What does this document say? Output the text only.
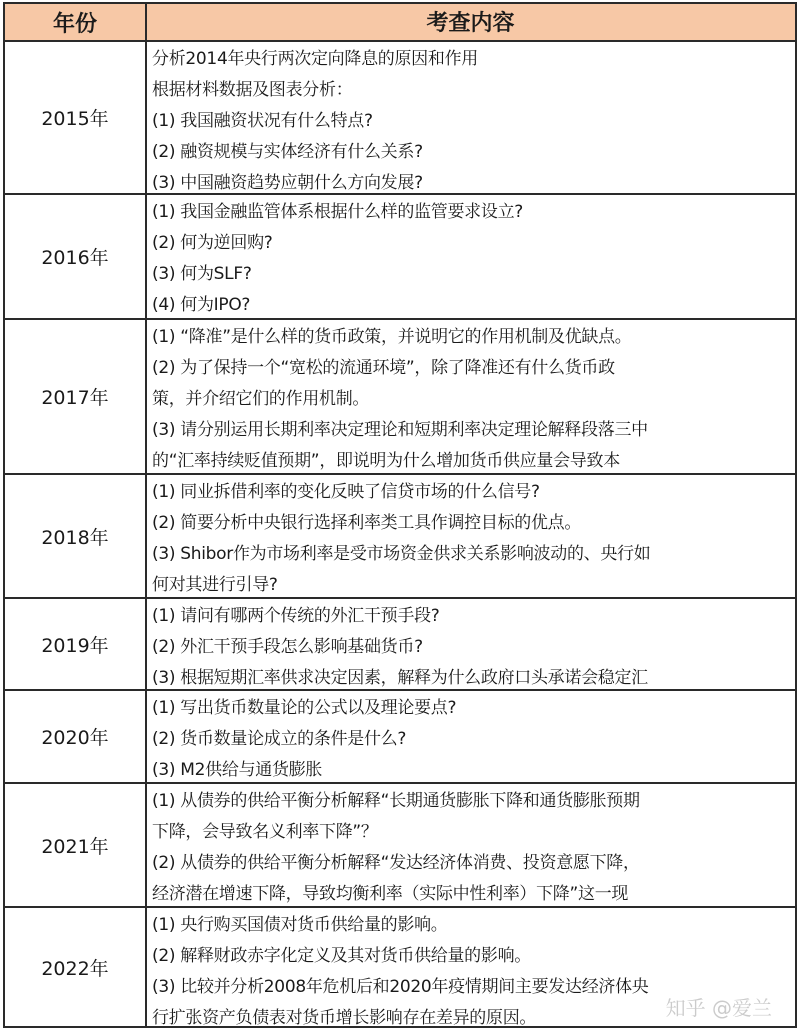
年份	考查内容
2015年
分析2014年央行两次定向降息的原因和作用
根据材料数据及图表分析：
(1) 我国融资状况有什么特点?
(2) 融资规模与实体经济有什么关系?
(3) 中国融资趋势应朝什么方向发展?
2016年
(1) 我国金融监管体系根据什么样的监管要求设立?
(2) 何为逆回购?
(3) 何为SLF?
(4) 何为IPO?
2017年
(1) “降准”是什么样的货币政策，并说明它的作用机制及优缺点。
(2) 为了保持一个“宽松的流通环境”，除了降准还有什么货币政
策，并介绍它们的作用机制。
(3) 请分别运用长期利率决定理论和短期利率决定理论解释段落三中
的“汇率持续贬值预期”，即说明为什么增加货币供应量会导致本
2018年
(1) 同业拆借利率的变化反映了信贷市场的什么信号?
(2) 简要分析中央银行选择利率类工具作调控目标的优点。
(3) Shibor作为市场利率是受市场资金供求关系影响波动的、央行如
何对其进行引导?
2019年
(1) 请问有哪两个传统的外汇干预手段?
(2) 外汇干预手段怎么影响基础货币?
(3) 根据短期汇率供求决定因素，解释为什么政府口头承诺会稳定汇
2020年
(1) 写出货币数量论的公式以及理论要点?
(2) 货币数量论成立的条件是什么?
(3) M2供给与通货膨胀
2021年
(1) 从债券的供给平衡分析解释“长期通货膨胀下降和通货膨胀预期
下降，会导致名义利率下降”？
(2) 从债券的供给平衡分析解释“发达经济体消费、投资意愿下降，
经济潜在增速下降，导致均衡利率（实际中性利率）下降”这一现
2022年
(1) 央行购买国债对货币供给量的影响。
(2) 解释财政赤字化定义及其对货币供给量的影响。
(3) 比较并分析2008年危机后和2020年疫情期间主要发达经济体央
行扩张资产负债表对货币增长影响存在差异的原因。	知乎 @爱兰
